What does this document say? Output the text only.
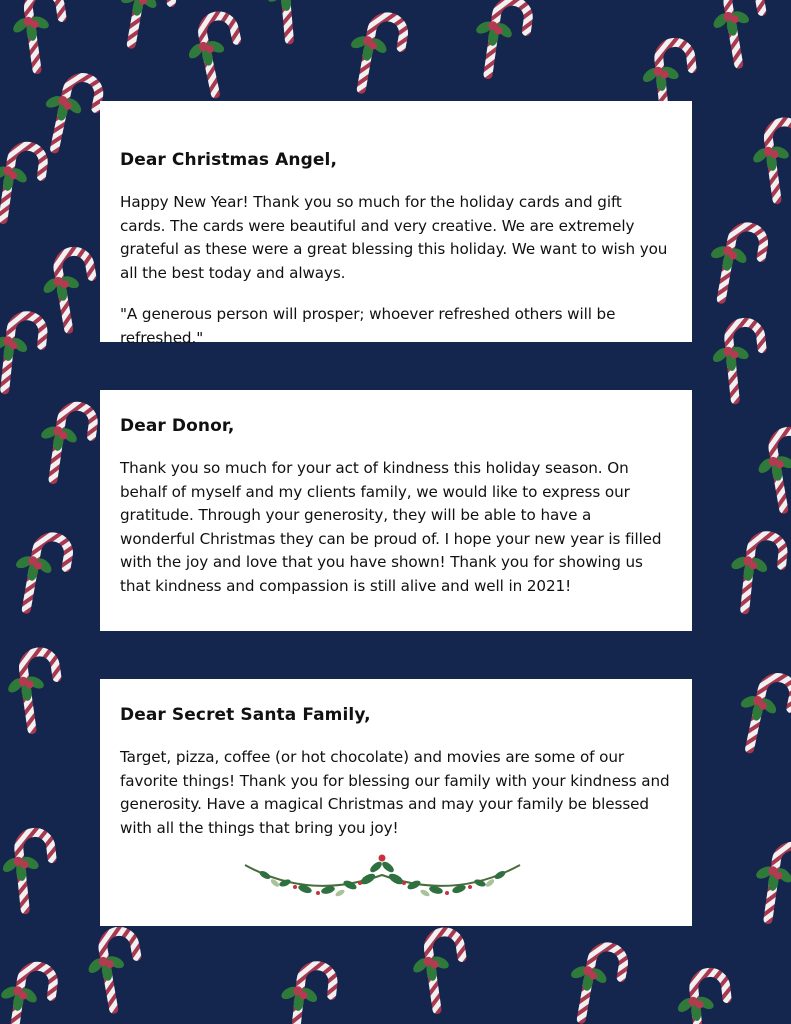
Dear Christmas Angel,

Happy New Year! Thank you so much for the holiday cards and gift cards. The cards were beautiful and very creative. We are extremely grateful as these were a great blessing this holiday. We want to wish you all the best today and always.

"A generous person will prosper; whoever refreshed others will be refreshed."

Dear Donor,

Thank you so much for your act of kindness this holiday season. On behalf of myself and my clients family, we would like to express our gratitude. Through your generosity, they will be able to have a wonderful Christmas they can be proud of. I hope your new year is filled with the joy and love that you have shown! Thank you for showing us that kindness and compassion is still alive and well in 2021!

Dear Secret Santa Family,

Target, pizza, coffee (or hot chocolate) and movies are some of our favorite things! Thank you for blessing our family with your kindness and generosity. Have a magical Christmas and may your family be blessed with all the things that bring you joy!
